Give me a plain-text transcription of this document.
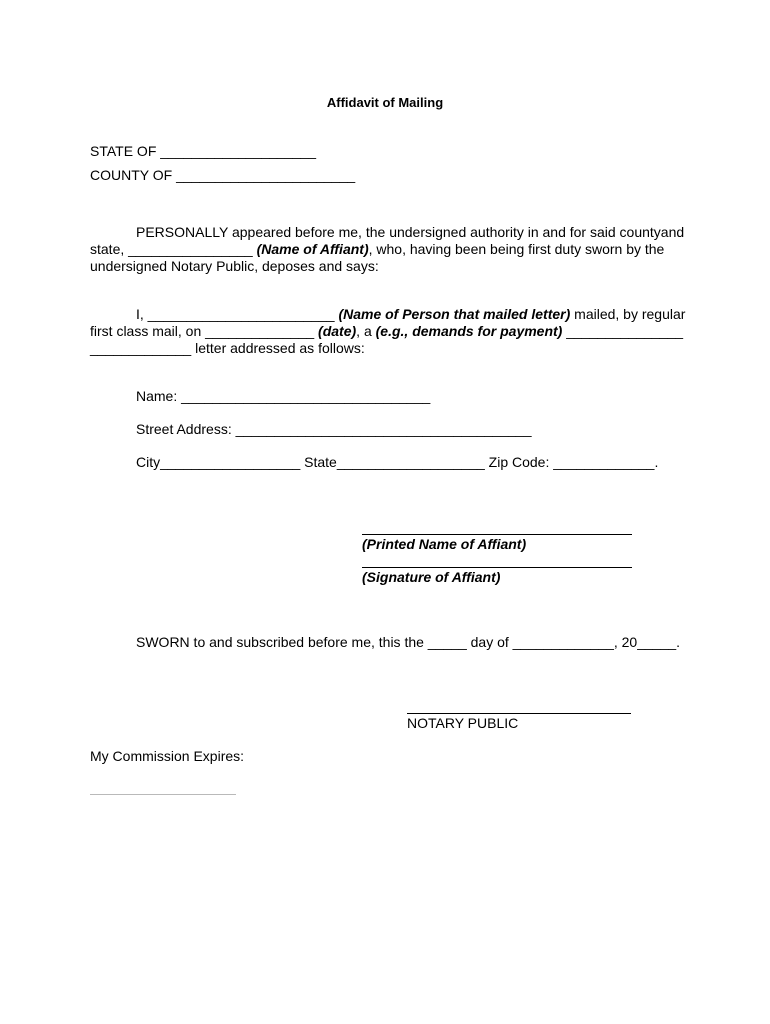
Affidavit of Mailing
STATE OF ____________________
COUNTY OF _______________________
PERSONALLY appeared before me, the undersigned authority in and for said countyand
state, ________________ (Name of Affiant), who, having been being first duty sworn by the
undersigned Notary Public, deposes and says:
I, ________________________ (Name of Person that mailed letter) mailed, by regular
first class mail, on ______________ (date), a (e.g., demands for payment) _______________
_____________ letter addressed as follows:
Name: ________________________________
Street Address: ______________________________________
City__________________ State___________________ Zip Code: _____________.
(Printed Name of Affiant)
(Signature of Affiant)
SWORN to and subscribed before me, this the _____ day of _____________, 20_____.
NOTARY PUBLIC
My Commission Expires:
